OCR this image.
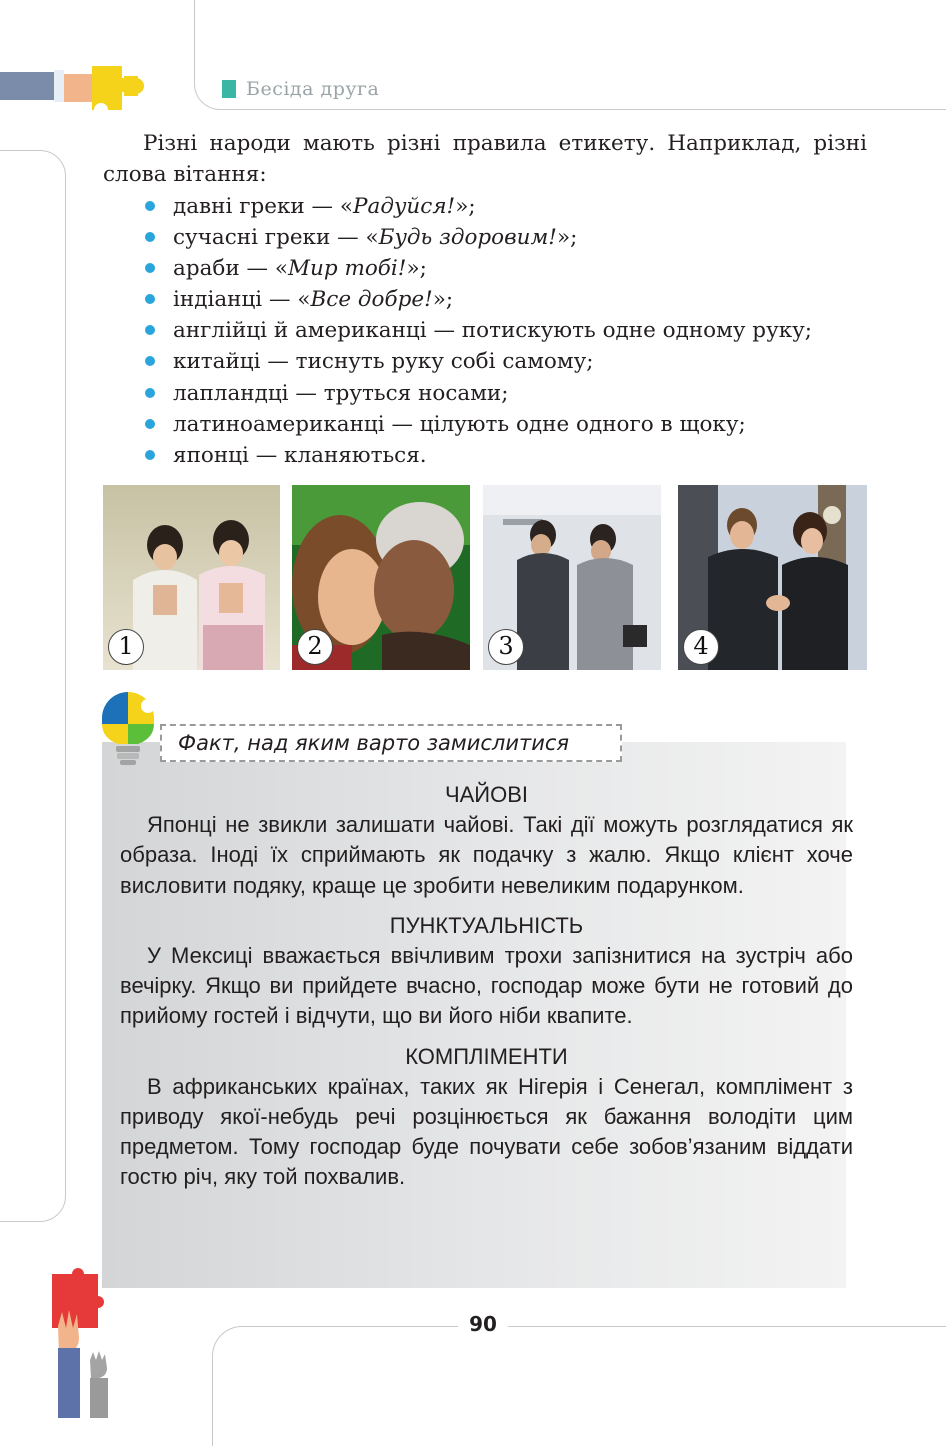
Бесіда друга

Різні народи мають різні правила етикету. Наприклад, різні слова вітання:

давні греки — «Радуйся!»;
сучасні греки — «Будь здоровим!»;
араби — «Мир тобі!»;
індіанці — «Все добре!»;
англійці й американці — потискують одне одному руку;
китайці — тиснуть руку собі самому;
лапландці — труться носами;
латиноамериканці — цілують одне одного в щоку;
японці — кланяються.
1	2	3	4
Факт, над яким варто замислитися
ЧАЙОВІ

Японці не звикли залишати чайові. Такі дії можуть розглядатися як образа. Іноді їх сприймають як подачку з жалю. Якщо клієнт хоче висловити подяку, краще це зробити невеликим подарунком.

ПУНКТУАЛЬНІСТЬ

У Мексиці вважається ввічливим трохи запізнитися на зустріч або вечірку. Якщо ви прийдете вчасно, господар може бути не готовий до прийому гостей і відчути, що ви його ніби квапите.

КОМПЛІМЕНТИ

В африканських країнах, таких як Нігерія і Сенегал, комплімент з приводу якої-небудь речі розцінюється як бажання володіти цим предметом. Тому господар буде почувати себе зобов’язаним віддати гостю річ, яку той похвалив.

90
